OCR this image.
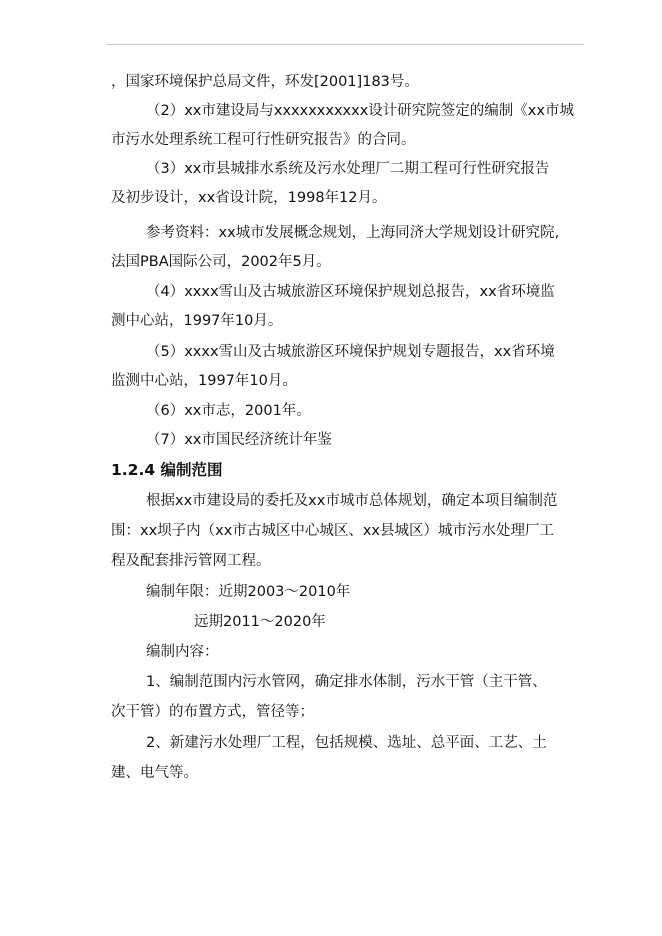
，国家环境保护总局文件，环发[2001]183号。
（2）xx市建设局与xxxxxxxxxxx设计研究院签定的编制《xx市城
市污水处理系统工程可行性研究报告》的合同。
（3）xx市县城排水系统及污水处理厂二期工程可行性研究报告
及初步设计，xx省设计院，1998年12月。
参考资料：xx城市发展概念规划，上海同济大学规划设计研究院,
法国PBA国际公司，2002年5月。
（4）xxxx雪山及古城旅游区环境保护规划总报告，xx省环境监
测中心站，1997年10月。
（5）xxxx雪山及古城旅游区环境保护规划专题报告，xx省环境
监测中心站，1997年10月。
（6）xx市志，2001年。
（7）xx市国民经济统计年鉴
1.2.4 编制范围
根据xx市建设局的委托及xx市城市总体规划，确定本项目编制范
围：xx坝子内（xx市古城区中心城区、xx县城区）城市污水处理厂工
程及配套排污管网工程。
编制年限：近期2003～2010年
远期2011～2020年
编制内容：
1、编制范围内污水管网，确定排水体制，污水干管（主干管、
次干管）的布置方式，管径等；
2、新建污水处理厂工程，包括规模、选址、总平面、工艺、土
建、电气等。
